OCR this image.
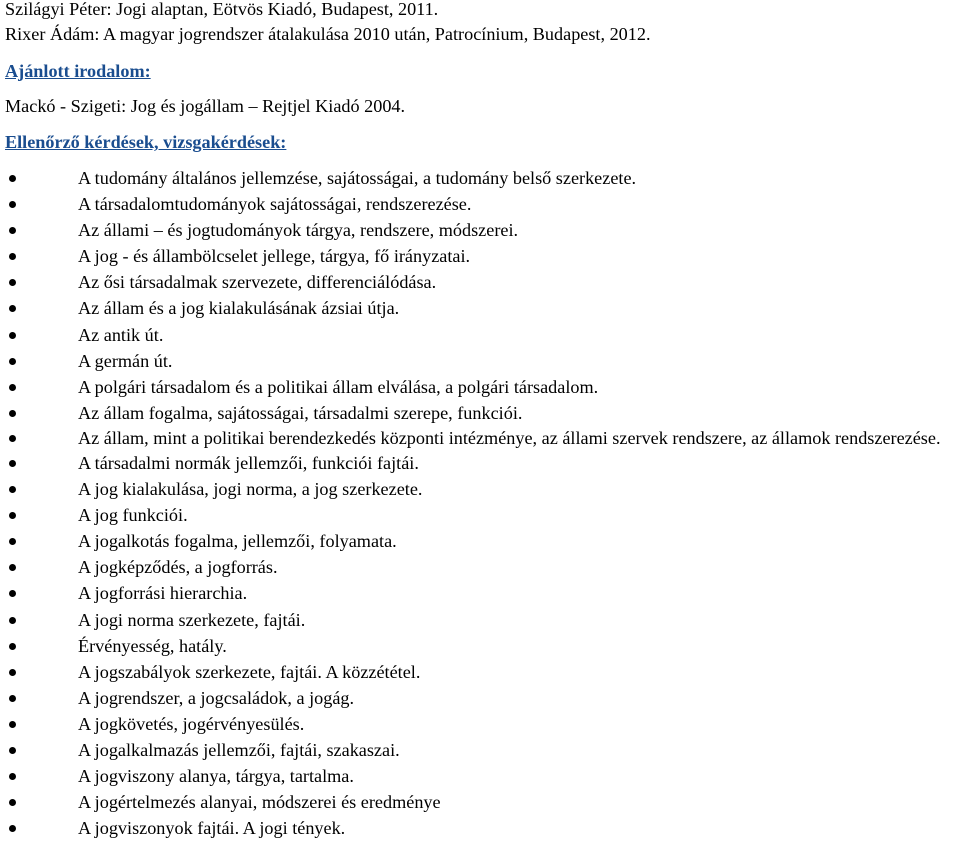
Szilágyi Péter: Jogi alaptan, Eötvös Kiadó, Budapest, 2011.
Rixer Ádám: A magyar jogrendszer átalakulása 2010 után, Patrocínium, Budapest, 2012.
Ajánlott irodalom:
Mackó - Szigeti: Jog és jogállam – Rejtjel Kiadó 2004.
Ellenőrző kérdések, vizsgakérdések:
A tudomány általános jellemzése, sajátosságai, a tudomány belső szerkezete.
A társadalomtudományok sajátosságai, rendszerezése.
Az állami – és jogtudományok tárgya, rendszere, módszerei.
A jog - és állambölcselet jellege, tárgya, fő irányzatai.
Az ősi társadalmak szervezete, differenciálódása.
Az állam és a jog kialakulásának ázsiai útja.
Az antik út.
A germán út.
A polgári társadalom és a politikai állam elválása, a polgári társadalom.
Az állam fogalma, sajátosságai, társadalmi szerepe, funkciói.
Az állam, mint a politikai berendezkedés központi intézménye, az állami szervek rendszere, az államok rendszerezése.
A társadalmi normák jellemzői, funkciói fajtái.
A jog kialakulása, jogi norma, a jog szerkezete.
A jog funkciói.
A jogalkotás fogalma, jellemzői, folyamata.
A jogképződés, a jogforrás.
A jogforrási hierarchia.
A jogi norma szerkezete, fajtái.
Érvényesség, hatály.
A jogszabályok szerkezete, fajtái. A közzététel.
A jogrendszer, a jogcsaládok, a jogág.
A jogkövetés, jogérvényesülés.
A jogalkalmazás jellemzői, fajtái, szakaszai.
A jogviszony alanya, tárgya, tartalma.
A jogértelmezés alanyai, módszerei és eredménye
A jogviszonyok fajtái. A jogi tények.
